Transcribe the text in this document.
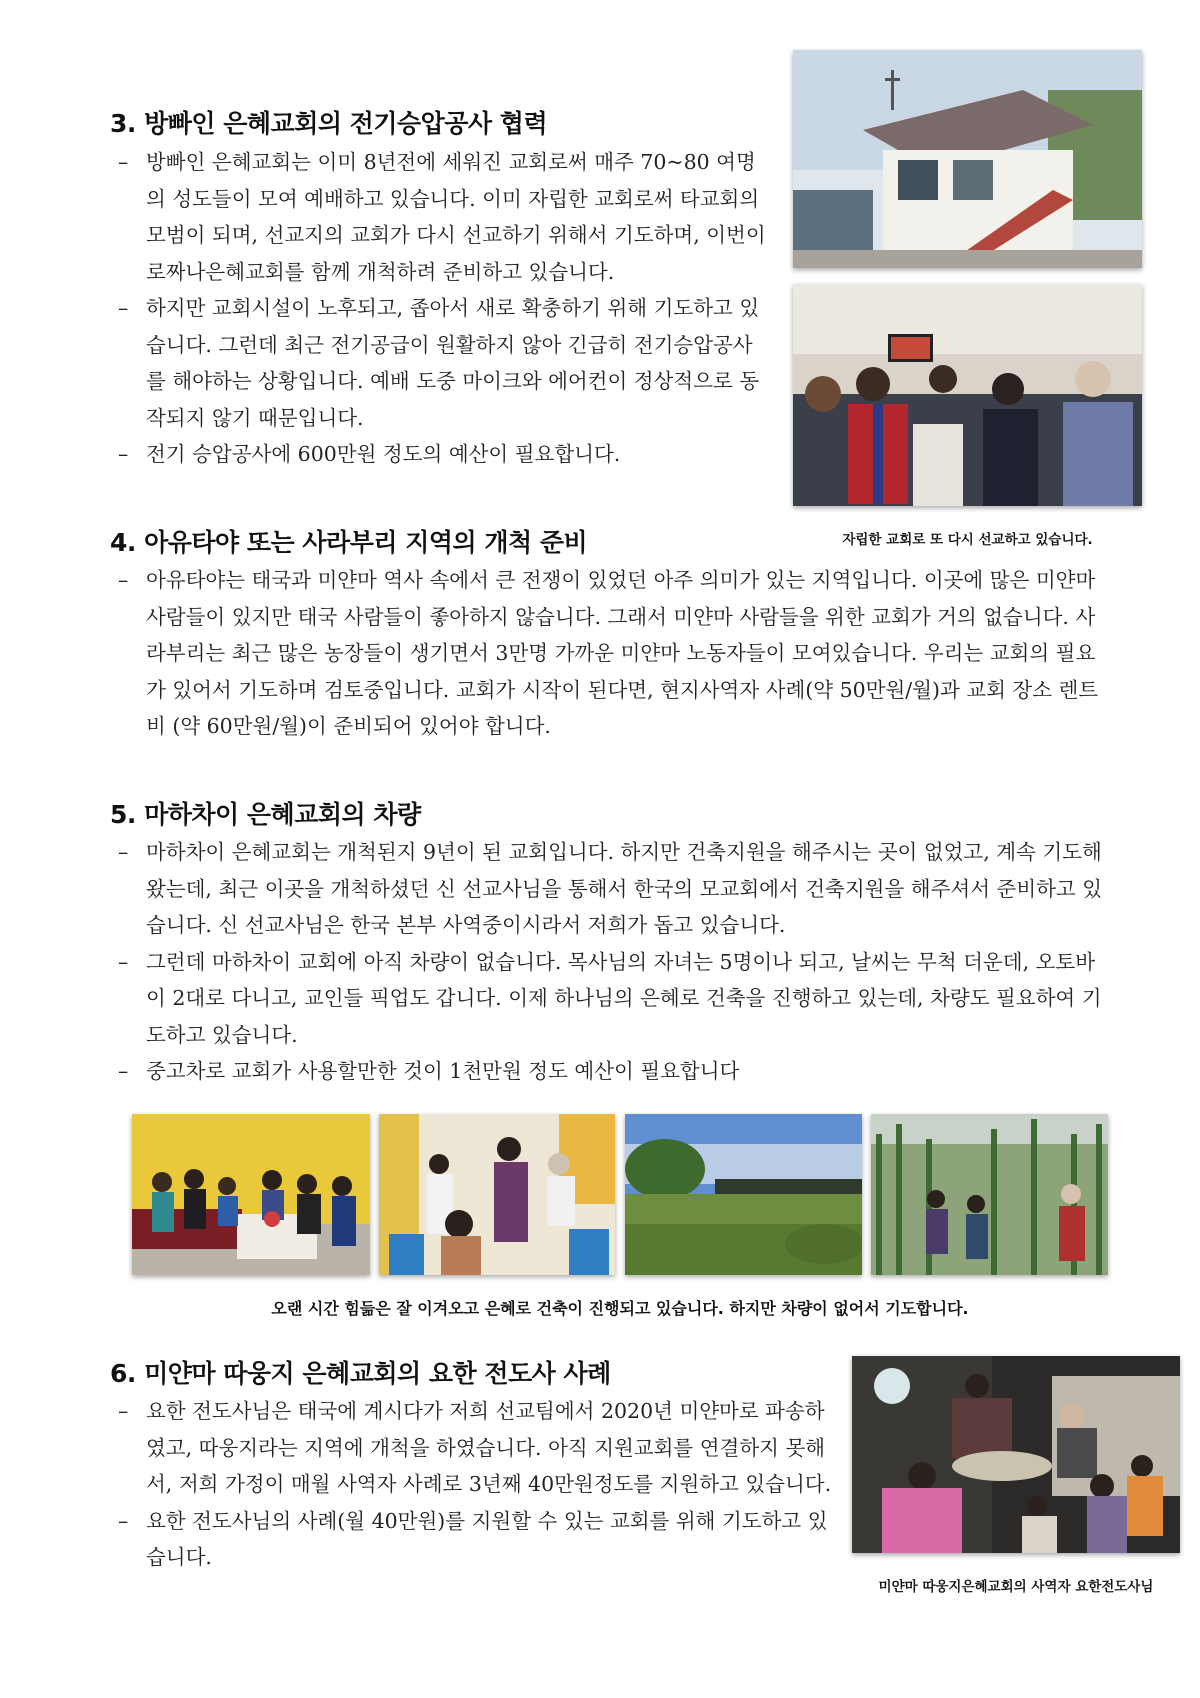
3. 방빠인 은혜교회의 전기승압공사 협력
– 방빠인 은혜교회는 이미 8년전에 세워진 교회로써 매주 70~80 여명의 성도들이 모여 예배하고 있습니다. 이미 자립한 교회로써 타교회의 모범이 되며, 선교지의 교회가 다시 선교하기 위해서 기도하며, 이번이 로짜나은혜교회를 함께 개척하려 준비하고 있습니다.
– 하지만 교회시설이 노후되고, 좁아서 새로 확충하기 위해 기도하고 있습니다. 그런데 최근 전기공급이 원활하지 않아 긴급히 전기승압공사를 해야하는 상황입니다. 예배 도중 마이크와 에어컨이 정상적으로 동작되지 않기 때문입니다.
– 전기 승압공사에 600만원 정도의 예산이 필요합니다.
자립한 교회로 또 다시 선교하고 있습니다.
4. 아유타야 또는 사라부리 지역의 개척 준비
– 아유타야는 태국과 미얀마 역사 속에서 큰 전쟁이 있었던 아주 의미가 있는 지역입니다. 이곳에 많은 미얀마 사람들이 있지만 태국 사람들이 좋아하지 않습니다. 그래서 미얀마 사람들을 위한 교회가 거의 없습니다. 사라부리는 최근 많은 농장들이 생기면서 3만명 가까운 미얀마 노동자들이 모여있습니다. 우리는 교회의 필요가 있어서 기도하며 검토중입니다. 교회가 시작이 된다면, 현지사역자 사례(약 50만원/월)과 교회 장소 렌트비 (약 60만원/월)이 준비되어 있어야 합니다.
5. 마하차이 은혜교회의 차량
– 마하차이 은혜교회는 개척된지 9년이 된 교회입니다. 하지만 건축지원을 해주시는 곳이 없었고, 계속 기도해왔는데, 최근 이곳을 개척하셨던 신 선교사님을 통해서 한국의 모교회에서 건축지원을 해주셔서 준비하고 있습니다. 신 선교사님은 한국 본부 사역중이시라서 저희가 돕고 있습니다.
– 그런데 마하차이 교회에 아직 차량이 없습니다. 목사님의 자녀는 5명이나 되고, 날씨는 무척 더운데, 오토바이 2대로 다니고, 교인들 픽업도 갑니다. 이제 하나님의 은혜로 건축을 진행하고 있는데, 차량도 필요하여 기도하고 있습니다.
– 중고차로 교회가 사용할만한 것이 1천만원 정도 예산이 필요합니다
오랜 시간 힘듦은 잘 이겨오고 은혜로 건축이 진행되고 있습니다. 하지만 차량이 없어서 기도합니다.
6. 미얀마 따웅지 은혜교회의 요한 전도사 사례
– 요한 전도사님은 태국에 계시다가 저희 선교팀에서 2020년 미얀마로 파송하였고, 따웅지라는 지역에 개척을 하였습니다. 아직 지원교회를 연결하지 못해서, 저희 가정이 매월 사역자 사례로 3년째 40만원정도를 지원하고 있습니다.
– 요한 전도사님의 사례(월 40만원)를 지원할 수 있는 교회를 위해 기도하고 있습니다.
미얀마 따웅지은혜교회의 사역자 요한전도사님
